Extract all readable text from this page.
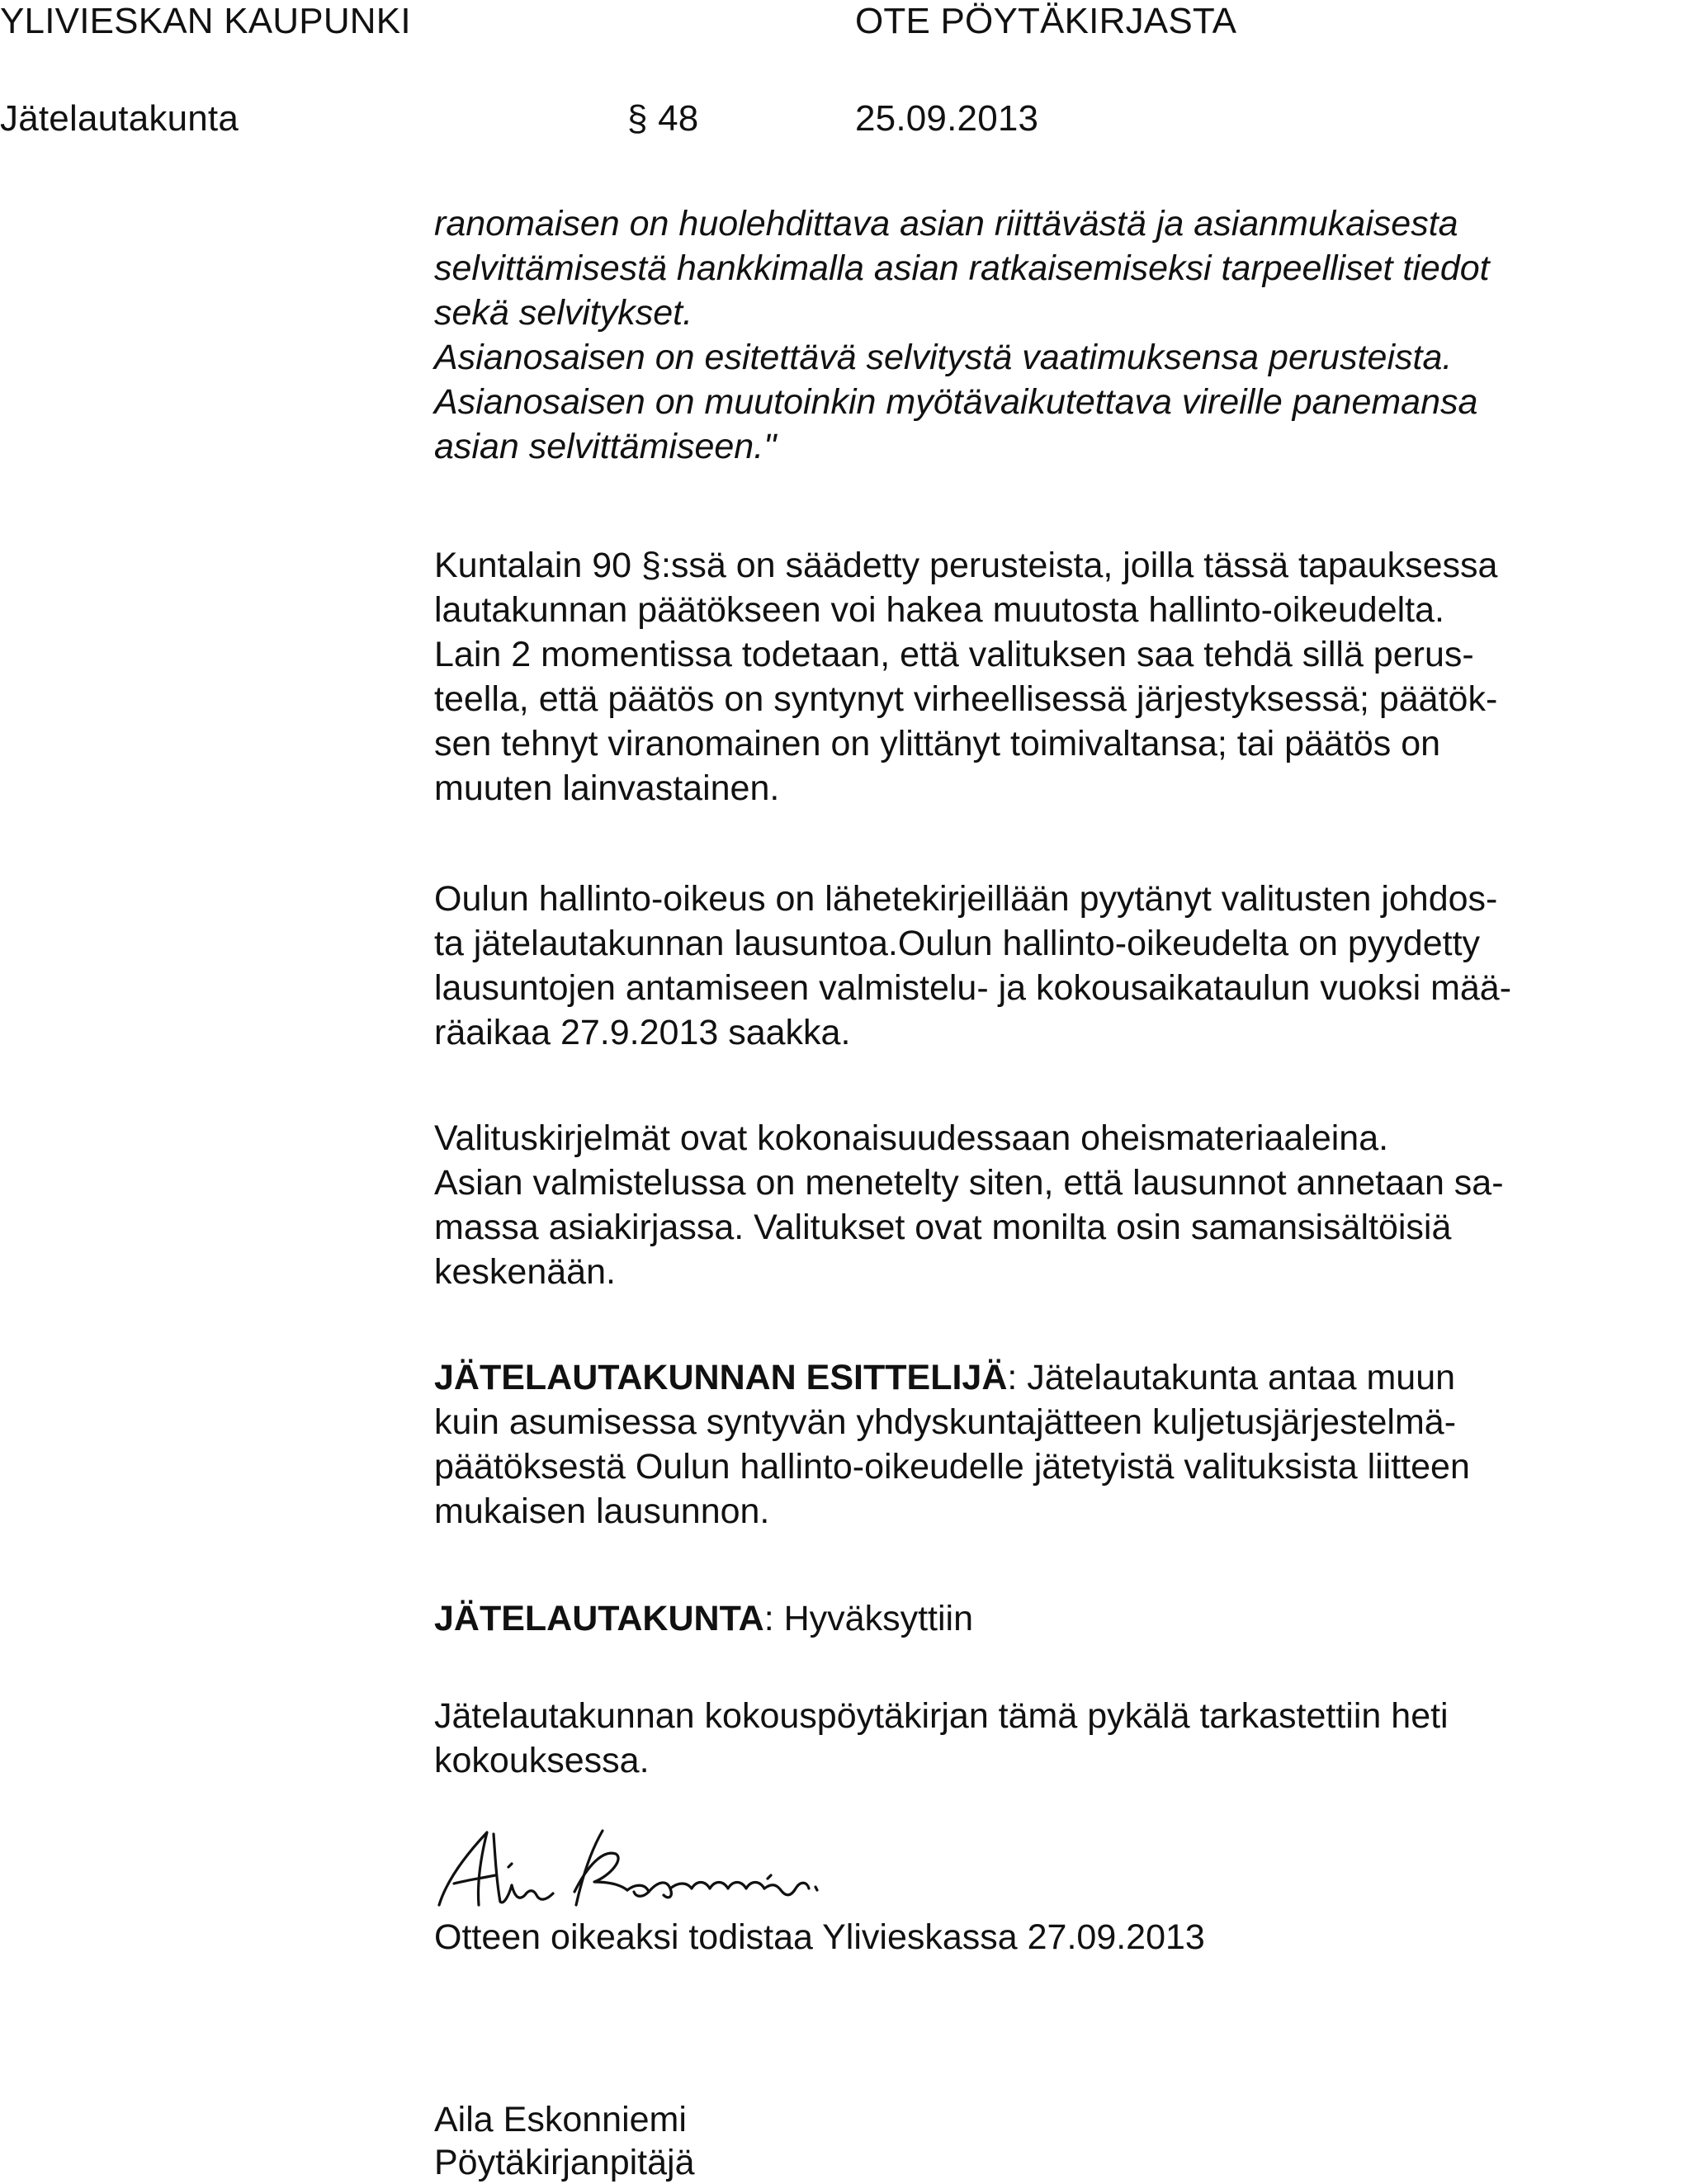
YLIVIESKAN KAUPUNKI	OTE PÖYTÄKIRJASTA
Jätelautakunta	§ 48	25.09.2013
ranomaisen on huolehdittava asian riittävästä ja asianmukaisesta
selvittämisestä hankkimalla asian ratkaisemiseksi tarpeelliset tiedot
sekä selvitykset.
Asianosaisen on esitettävä selvitystä vaatimuksensa perusteista.
Asianosaisen on muutoinkin myötävaikutettava vireille panemansa
asian selvittämiseen."
Kuntalain 90 §:ssä on säädetty perusteista, joilla tässä tapauksessa
lautakunnan päätökseen voi hakea muutosta hallinto-oikeudelta.
Lain 2 momentissa todetaan, että valituksen saa tehdä sillä perus-
teella, että päätös on syntynyt virheellisessä järjestyksessä; päätök-
sen tehnyt viranomainen on ylittänyt toimivaltansa; tai päätös on
muuten lainvastainen.
Oulun hallinto-oikeus on lähetekirjeillään pyytänyt valitusten johdos-
ta jätelautakunnan lausuntoa.Oulun hallinto-oikeudelta on pyydetty
lausuntojen antamiseen valmistelu- ja kokousaikataulun vuoksi mää-
räaikaa 27.9.2013 saakka.
Valituskirjelmät ovat kokonaisuudessaan oheismateriaaleina.
Asian valmistelussa on menetelty siten, että lausunnot annetaan sa-
massa asiakirjassa. Valitukset ovat monilta osin samansisältöisiä
keskenään.
JÄTELAUTAKUNNAN ESITTELIJÄ: Jätelautakunta antaa muun
kuin asumisessa syntyvän yhdyskuntajätteen kuljetusjärjestelmä-
päätöksestä Oulun hallinto-oikeudelle jätetyistä valituksista liitteen
mukaisen lausunnon.
JÄTELAUTAKUNTA: Hyväksyttiin
Jätelautakunnan kokouspöytäkirjan tämä pykälä tarkastettiin heti
kokouksessa.
Otteen oikeaksi todistaa Ylivieskassa 27.09.2013
Aila Eskonniemi
Pöytäkirjanpitäjä
